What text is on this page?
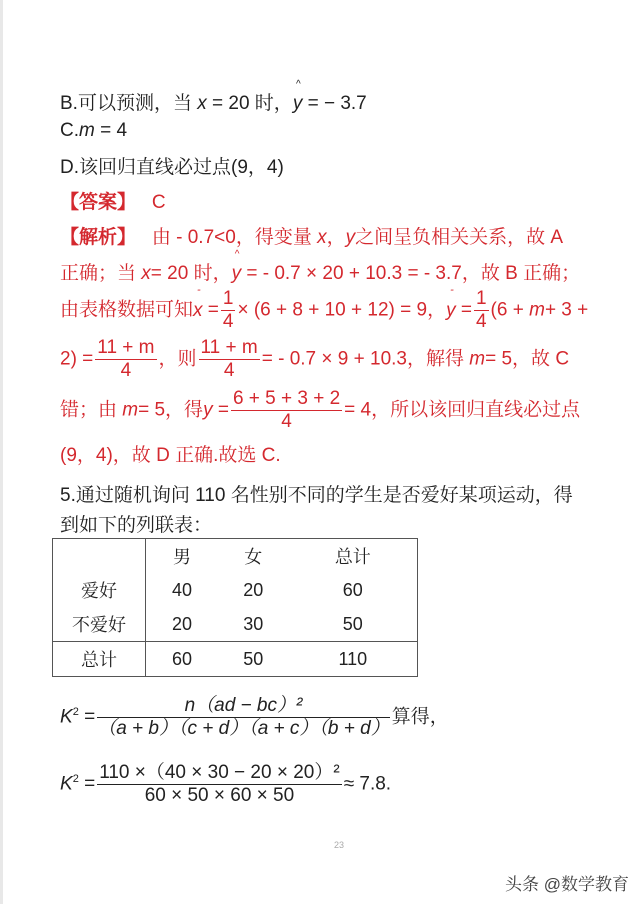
B.可以预测，当 x = 20 时，^ y = − 3.7
C.m = 4
D.该回归直线必过点(9，4)
【答案】 C
【解析】 由 - 0.7<0，得变量 x，y之间呈负相关关系，故 A
正确；当 x= 20 时，^ y = - 0.7 × 20 + 10.3 = - 3.7，故 B 正确；
由表格数据可知- $x = \frac{1}{4} \times (6 + 8 + 10 + 12) = 9$，- $y = \frac{1}{4} (6 + m+ 3$ +
$2) = \frac{11 + m}{4}$ ，则 $\frac{11 + m}{4}$ = - 0.7 × 9 + 10.3，解得 m= 5，故 C
错；由 m= 5，得$y = \frac{6 + 5 + 3 + 2}{4} = 4$，所以该回归直线必过点
(9，4)，故 D 正确.故选 C.
5.通过随机询问 110 名性别不同的学生是否爱好某项运动，得
到如下的列联表：
	男	女	总计
爱好	40	20	60
不爱好	20	30	50
总计	60	50	110
$K^2 = \frac{\text{n（ad − bc）²}}{(a + b)(c + d)(a + c)(b + d)}$ 算得，
$K^2 = \frac{\text{110 ×（40 × 30 − 20 × 20）²}}{60 \times 50 \times 60 \times 50} \approx 7.8$.
23
头条 @数学教育
